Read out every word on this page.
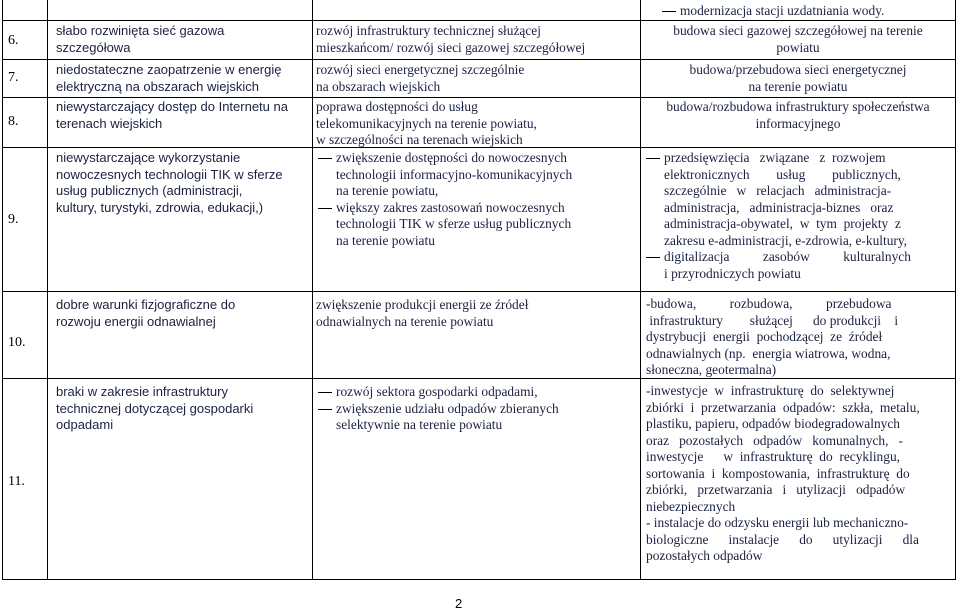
modernizacja stacji uzdatniania wody.
6.
słabo rozwinięta sieć gazowa
szczegółowa
rozwój infrastruktury technicznej służącej
mieszkańcom/ rozwój sieci gazowej szczegółowej
budowa sieci gazowej szczegółowej na terenie
powiatu
7.
niedostateczne zaopatrzenie w energię
elektryczną na obszarach wiejskich
rozwój sieci energetycznej szczególnie
na obszarach wiejskich
budowa/przebudowa sieci energetycznej
na terenie powiatu
8.
niewystarczający dostęp do Internetu na
terenach wiejskich
poprawa dostępności do usług
telekomunikacyjnych na terenie powiatu,
w szczególności na terenach wiejskich
budowa/rozbudowa infrastruktury społeczeństwa
informacyjnego
9.
niewystarczające wykorzystanie
nowoczesnych technologii TIK w sferze
usług publicznych (administracji,
kultury, turystyki, zdrowia, edukacji,)
zwiększenie dostępności do nowoczesnych
technologii informacyjno-komunikacyjnych
na terenie powiatu,
większy zakres zastosowań nowoczesnych
technologii TIK w sferze usług publicznych
na terenie powiatu
przedsięwzięcia   związane   z  rozwojem
elektronicznych        usług        publicznych,
szczególnie   w   relacjach   administracja-
administracja,   administracja-biznes   oraz
administracja-obywatel,  w  tym  projekty  z
zakresu e-administracji, e-zdrowia, e-kultury,
digitalizacja          zasobów          kulturalnych
i przyrodniczych powiatu
10.
dobre warunki fizjograficzne do
rozwoju energii odnawialnej
zwiększenie produkcji energii ze źródeł
odnawialnych na terenie powiatu
-budowa,          rozbudowa,          przebudowa
infrastruktury        służącej      do produkcji    i
dystrybucji  energii  pochodzącej  ze  źródeł
odnawialnych (np.  energia wiatrowa, wodna,
słoneczna, geotermalna)
11.
braki w zakresie infrastruktury
technicznej dotyczącej gospodarki
odpadami
rozwój sektora gospodarki odpadami,
zwiększenie udziału odpadów zbieranych
selektywnie na terenie powiatu
-inwestycje  w  infrastrukturę  do  selektywnej
zbiórki  i  przetwarzania  odpadów:  szkła,  metalu,
plastiku, papieru, odpadów biodegradowalnych
oraz   pozostałych   odpadów   komunalnych,   -
inwestycje      w  infrastrukturę  do  recyklingu,
sortowania  i  kompostowania,  infrastrukturę  do
zbiórki,   przetwarzania   i   utylizacji   odpadów
niebezpiecznych
- instalacje do odzysku energii lub mechaniczno-
biologiczne      instalacje      do      utylizacji      dla
pozostałych odpadów
2
